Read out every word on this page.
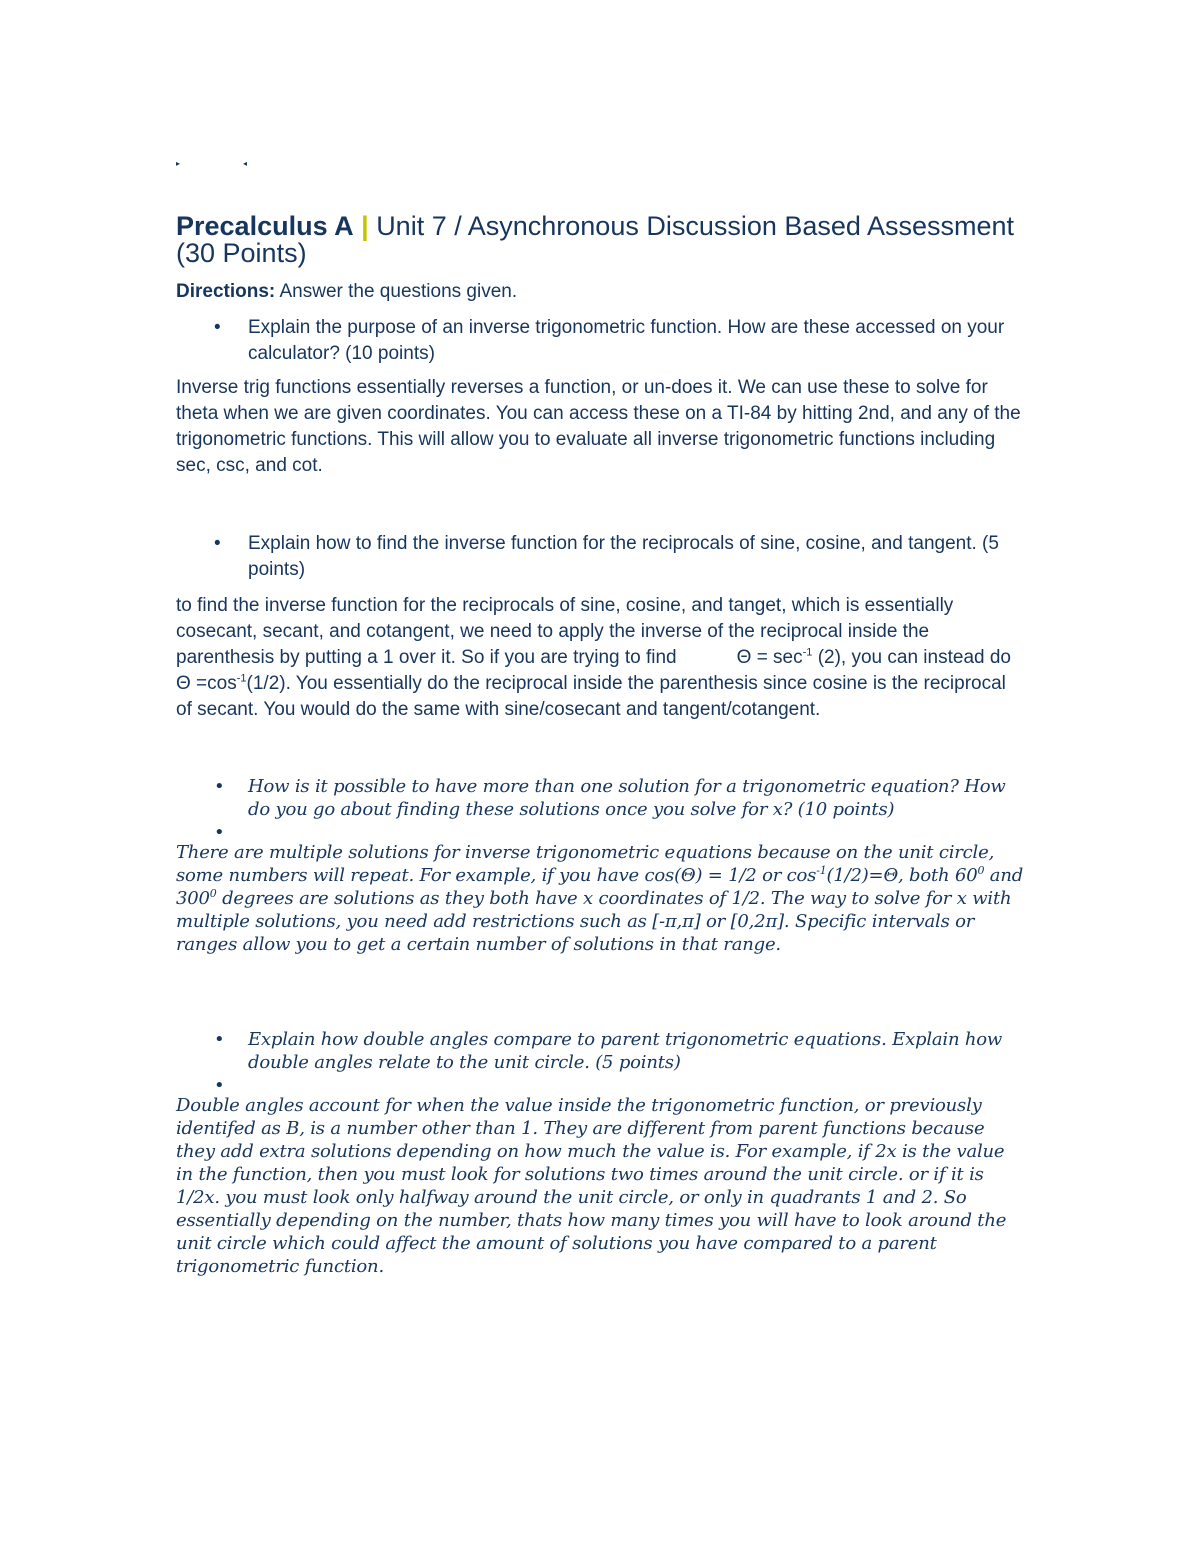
▸	◂
Precalculus A | Unit 7 / Asynchronous Discussion Based Assessment (30 Points)

Directions: Answer the questions given.

• Explain the purpose of an inverse trigonometric function. How are these accessed on your calculator? (10 points)

Inverse trig functions essentially reverses a function, or un-does it. We can use these to solve for theta when we are given coordinates. You can access these on a TI-84 by hitting 2nd, and any of the trigonometric functions. This will allow you to evaluate all inverse trigonometric functions including sec, csc, and cot.

• Explain how to find the inverse function for the reciprocals of sine, cosine, and tangent. (5 points)

to find the inverse function for the reciprocals of sine, cosine, and tanget, which is essentially cosecant, secant, and cotangent, we need to apply the inverse of the reciprocal inside the parenthesis by putting a 1 over it. So if you are trying to find	$\Theta = \sec^{-1} (2)$, you can instead do $\Theta =\cos^{-1}(1/2)$. You essentially do the reciprocal inside the parenthesis since cosine is the reciprocal of secant. You would do the same with sine/cosecant and tangent/cotangent.

• How is it possible to have more than one solution for a trigonometric equation? How do you go about finding these solutions once you solve for x? (10 points)
•

There are multiple solutions for inverse trigonometric equations because on the unit circle, some numbers will repeat. For example, if you have cos(Θ) = 1/2 or $\cos^{-1}(1/2)=\Theta$, both $60^0$ and $300^0$ degrees are solutions as they both have x coordinates of 1/2. The way to solve for x with multiple solutions, you need add restrictions such as [-π,π] or [0,2π]. Specific intervals or ranges allow you to get a certain number of solutions in that range.

• Explain how double angles compare to parent trigonometric equations. Explain how double angles relate to the unit circle. (5 points)
•

Double angles account for when the value inside the trigonometric function, or previously identifed as B, is a number other than 1. They are different from parent functions because they add extra solutions depending on how much the value is. For example, if 2x is the value in the function, then you must look for solutions two times around the unit circle. or if it is 1/2x. you must look only halfway around the unit circle, or only in quadrants 1 and 2. So essentially depending on the number, thats how many times you will have to look around the unit circle which could affect the amount of solutions you have compared to a parent trigonometric function.
